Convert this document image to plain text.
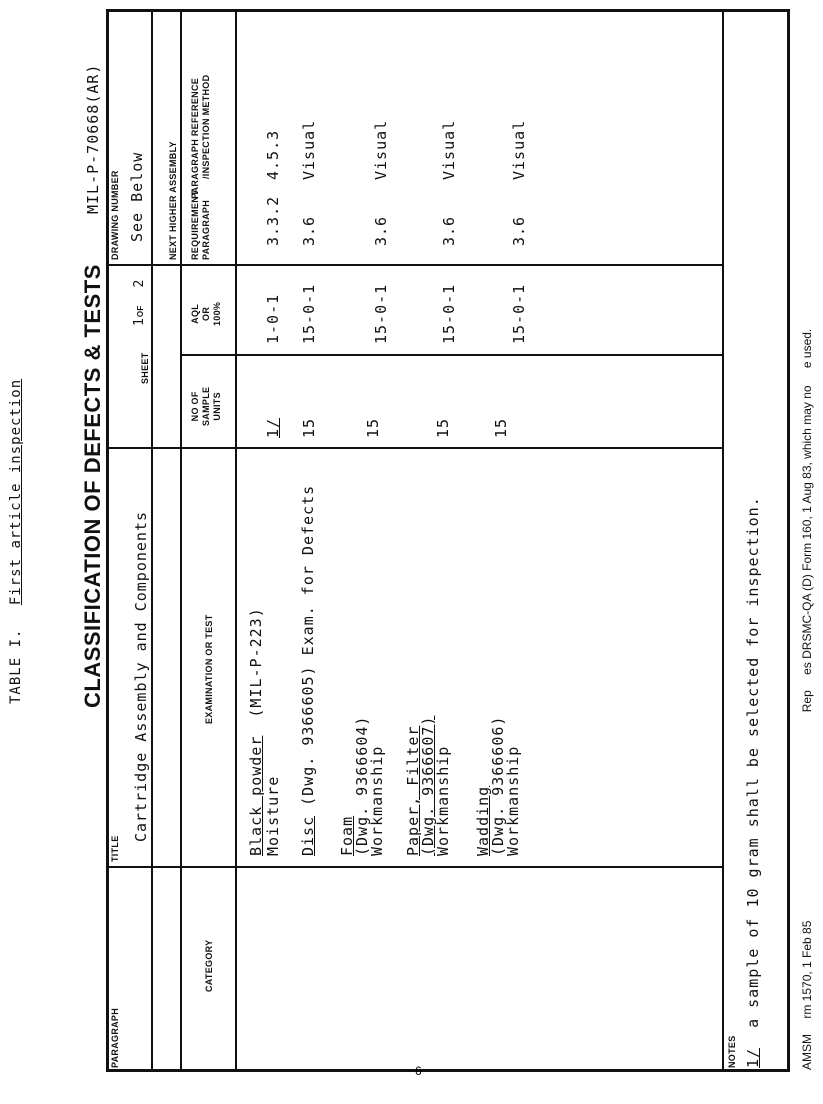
TABLE I. First article inspection	CLASSIFICATION OF DEFECTS & TESTS
MIL-P-70668(AR)
PARAGRAPH
TITLE
Cartridge Assembly and Components
SHEET
1OF2
DRAWING NUMBER See Below NEXT HIGHER ASSEMBLY
CATEGORY
EXAMINATION OR TEST
NO OF SAMPLE UNITS
AQL OR 100%
REQUIREMENT PARAGRAPH
PARAGRAPH REFERENCE /INSPECTION METHOD
Black powder (MIL-P-223)
Moisture
1/
1-0-1
3.3.2
4.5.3
Disc (Dwg. 9366605) Exam. for Defects
15
15-0-1
3.6
Visual
Foam
(Dwg. 9366604)
Workmanship
15
15-0-1
3.6
Visual
Paper, Filter
(Dwg. 9366607)
Workmanship
15
15-0-1
3.6
Visual
Wadding
(Dwg. 9366606)
Workmanship
15
15-0-1
3.6
Visual
NOTES 1/ a sample of 10 gram shall be selected for inspection.
AMSM rm 1570, 1 Feb 85 Rep es DRSMC-QA (D) Form 160, 1 Aug 83, which may no e used.
6
